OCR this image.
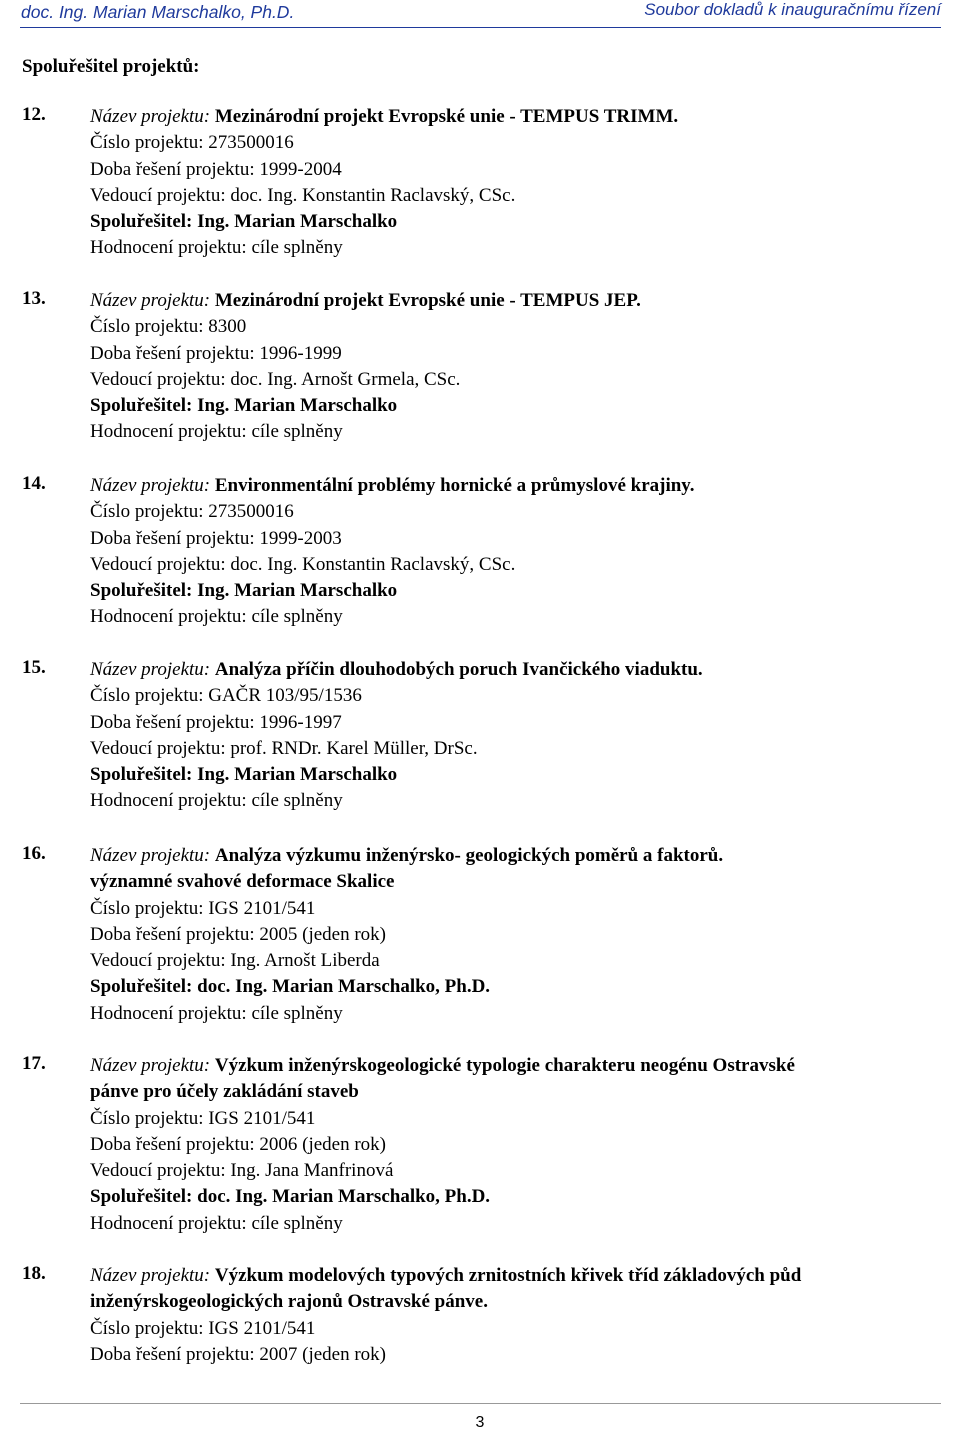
doc. Ing. Marian Marschalko, Ph.D.	Soubor dokladů k inauguračnímu řízení
Spoluřešitel projektů:
12. Název projektu: Mezinárodní projekt Evropské unie - TEMPUS TRIMM.
Číslo projektu: 273500016
Doba řešení projektu: 1999-2004
Vedoucí projektu: doc. Ing. Konstantin Raclavský, CSc.
Spoluřešitel: Ing. Marian Marschalko
Hodnocení projektu: cíle splněny
13. Název projektu: Mezinárodní projekt Evropské unie - TEMPUS JEP.
Číslo projektu: 8300
Doba řešení projektu: 1996-1999
Vedoucí projektu: doc. Ing. Arnošt Grmela, CSc.
Spoluřešitel: Ing. Marian Marschalko
Hodnocení projektu: cíle splněny
14. Název projektu: Environmentální problémy hornické a průmyslové krajiny.
Číslo projektu: 273500016
Doba řešení projektu: 1999-2003
Vedoucí projektu: doc. Ing. Konstantin Raclavský, CSc.
Spoluřešitel: Ing. Marian Marschalko
Hodnocení projektu: cíle splněny
15. Název projektu: Analýza příčin dlouhodobých poruch Ivančického viaduktu.
Číslo projektu: GAČR 103/95/1536
Doba řešení projektu: 1996-1997
Vedoucí projektu: prof. RNDr. Karel Müller, DrSc.
Spoluřešitel: Ing. Marian Marschalko
Hodnocení projektu: cíle splněny
16. Název projektu: Analýza výzkumu inženýrsko- geologických poměrů a faktorů.
významné svahové deformace Skalice
Číslo projektu: IGS 2101/541
Doba řešení projektu: 2005 (jeden rok)
Vedoucí projektu: Ing. Arnošt Liberda
Spoluřešitel: doc. Ing. Marian Marschalko, Ph.D.
Hodnocení projektu: cíle splněny
17. Název projektu: Výzkum inženýrskogeologické typologie charakteru neogénu Ostravské
pánve pro účely zakládání staveb
Číslo projektu: IGS 2101/541
Doba řešení projektu: 2006 (jeden rok)
Vedoucí projektu: Ing. Jana Manfrinová
Spoluřešitel: doc. Ing. Marian Marschalko, Ph.D.
Hodnocení projektu: cíle splněny
18. Název projektu: Výzkum modelových typových zrnitostních křivek tříd základových půd
inženýrskogeologických rajonů Ostravské pánve.
Číslo projektu: IGS 2101/541
Doba řešení projektu: 2007 (jeden rok)
3
